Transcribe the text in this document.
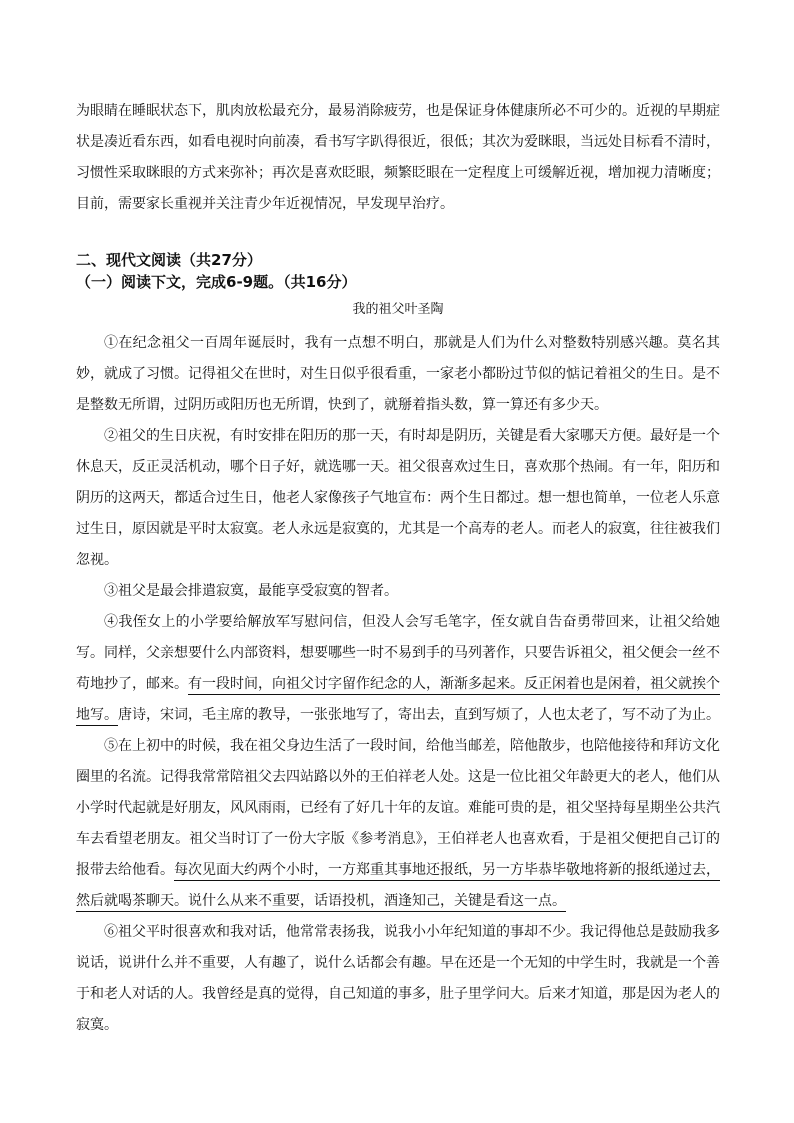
为眼睛在睡眠状态下，肌肉放松最充分，最易消除疲劳，也是保证身体健康所必不可少的。近视的早期症状是凑近看东西，如看电视时向前凑，看书写字趴得很近，很低；其次为爱眯眼，当远处目标看不清时，习惯性采取眯眼的方式来弥补；再次是喜欢眨眼，频繁眨眼在一定程度上可缓解近视，增加视力清晰度；目前，需要家长重视并关注青少年近视情况，早发现早治疗。

二、现代文阅读（共27分）

（一）阅读下文，完成6-9题。（共16分）

我的祖父叶圣陶

①在纪念祖父一百周年诞辰时，我有一点想不明白，那就是人们为什么对整数特别感兴趣。莫名其妙，就成了习惯。记得祖父在世时，对生日似乎很看重，一家老小都盼过节似的惦记着祖父的生日。是不是整数无所谓，过阴历或阳历也无所谓，快到了，就掰着指头数，算一算还有多少天。

②祖父的生日庆祝，有时安排在阳历的那一天，有时却是阴历，关键是看大家哪天方便。最好是一个休息天，反正灵活机动，哪个日子好，就选哪一天。祖父很喜欢过生日，喜欢那个热闹。有一年，阳历和阴历的这两天，都适合过生日，他老人家像孩子气地宣布：两个生日都过。想一想也简单，一位老人乐意过生日，原因就是平时太寂寞。老人永远是寂寞的，尤其是一个高寿的老人。而老人的寂寞，往往被我们忽视。

③祖父是最会排遣寂寞，最能享受寂寞的智者。

④我侄女上的小学要给解放军写慰问信，但没人会写毛笔字，侄女就自告奋勇带回来，让祖父给她写。同样，父亲想要什么内部资料，想要哪些一时不易到手的马列著作，只要告诉祖父，祖父便会一丝不苟地抄了，邮来。有一段时间，向祖父讨字留作纪念的人，渐渐多起来。反正闲着也是闲着，祖父就挨个地写。唐诗，宋词，毛主席的教导，一张张地写了，寄出去，直到写烦了，人也太老了，写不动了为止。

⑤在上初中的时候，我在祖父身边生活了一段时间，给他当邮差，陪他散步，也陪他接待和拜访文化圈里的名流。记得我常常陪祖父去四站路以外的王伯祥老人处。这是一位比祖父年龄更大的老人，他们从小学时代起就是好朋友，风风雨雨，已经有了好几十年的友谊。难能可贵的是，祖父坚持每星期坐公共汽车去看望老朋友。祖父当时订了一份大字版《参考消息》，王伯祥老人也喜欢看，于是祖父便把自己订的报带去给他看。每次见面大约两个小时，一方郑重其事地还报纸，另一方毕恭毕敬地将新的报纸递过去，然后就喝茶聊天。说什么从来不重要，话语投机，酒逢知己，关键是看这一点。

⑥祖父平时很喜欢和我对话，他常常表扬我，说我小小年纪知道的事却不少。我记得他总是鼓励我多说话，说讲什么并不重要，人有趣了，说什么话都会有趣。早在还是一个无知的中学生时，我就是一个善于和老人对话的人。我曾经是真的觉得，自己知道的事多，肚子里学问大。后来才知道，那是因为老人的寂寞。
